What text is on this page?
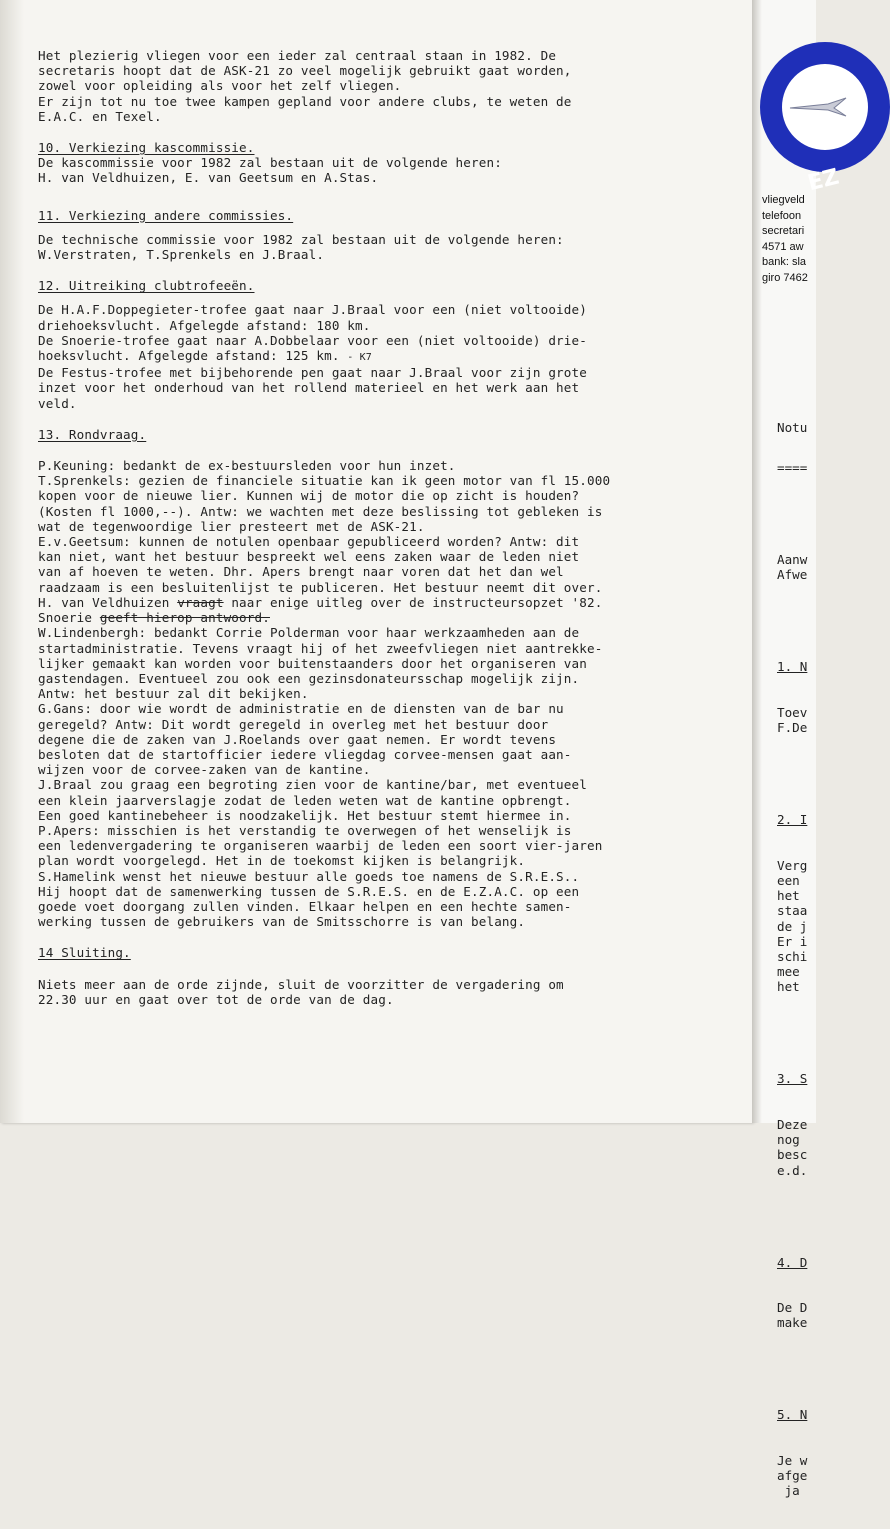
Het plezierig vliegen voor een ieder zal centraal staan in 1982. De
secretaris hoopt dat de ASK-21 zo veel mogelijk gebruikt gaat worden,
zowel voor opleiding als voor het zelf vliegen.
Er zijn tot nu toe twee kampen gepland voor andere clubs, te weten de
E.A.C. en Texel.

10. Verkiezing kascommissie.

De kascommissie voor 1982 zal bestaan uit de volgende heren:
H. van Veldhuizen, E. van Geetsum en A.Stas.

11. Verkiezing andere commissies.

De technische commissie voor 1982 zal bestaan uit de volgende heren:
W.Verstraten, T.Sprenkels en J.Braal.

12. Uitreiking clubtrofeeën.

De H.A.F.Doppegieter-trofee gaat naar J.Braal voor een (niet voltooide)
driehoeksvlucht. Afgelegde afstand: 180 km.
De Snoerie-trofee gaat naar A.Dobbelaar voor een (niet voltooide) drie-
hoeksvlucht. Afgelegde afstand: 125 km. - K7
De Festus-trofee met bijbehorende pen gaat naar J.Braal voor zijn grote
inzet voor het onderhoud van het rollend materieel en het werk aan het
veld.

13. Rondvraag.

P.Keuning: bedankt de ex-bestuursleden voor hun inzet.
T.Sprenkels: gezien de financiele situatie kan ik geen motor van fl 15.000
kopen voor de nieuwe lier. Kunnen wij de motor die op zicht is houden?
(Kosten fl 1000,--). Antw: we wachten met deze beslissing tot gebleken is
wat de tegenwoordige lier presteert met de ASK-21.
E.v.Geetsum: kunnen de notulen openbaar gepubliceerd worden? Antw: dit
kan niet, want het bestuur bespreekt wel eens zaken waar de leden niet
van af hoeven te weten. Dhr. Apers brengt naar voren dat het dan wel
raadzaam is een besluitenlijst te publiceren. Het bestuur neemt dit over.
H. van Veldhuizen vraagt naar enige uitleg over de instructeursopzet '82.
Snoerie geeft hierop antwoord.
W.Lindenbergh: bedankt Corrie Polderman voor haar werkzaamheden aan de
startadministratie. Tevens vraagt hij of het zweefvliegen niet aantrekke-
lijker gemaakt kan worden voor buitenstaanders door het organiseren van
gastendagen. Eventueel zou ook een gezinsdonateursschap mogelijk zijn.
Antw: het bestuur zal dit bekijken.
G.Gans: door wie wordt de administratie en de diensten van de bar nu
geregeld? Antw: Dit wordt geregeld in overleg met het bestuur door
degene die de zaken van J.Roelands over gaat nemen. Er wordt tevens
besloten dat de startofficier iedere vliegdag corvee-mensen gaat aan-
wijzen voor de corvee-zaken van de kantine.
J.Braal zou graag een begroting zien voor de kantine/bar, met eventueel
een klein jaarverslagje zodat de leden weten wat de kantine opbrengt.
Een goed kantinebeheer is noodzakelijk. Het bestuur stemt hiermee in.
P.Apers: misschien is het verstandig te overwegen of het wenselijk is
een ledenvergadering te organiseren waarbij de leden een soort vier-jaren
plan wordt voorgelegd. Het in de toekomst kijken is belangrijk.
S.Hamelink wenst het nieuwe bestuur alle goeds toe namens de S.R.E.S..
Hij hoopt dat de samenwerking tussen de S.R.E.S. en de E.Z.A.C. op een
goede voet doorgang zullen vinden. Elkaar helpen en een hechte samen-
werking tussen de gebruikers van de Smitsschorre is van belang.

14 Sluiting.

Niets meer aan de orde zijnde, sluit de voorzitter de vergadering om
22.30 uur en gaat over tot de orde van de dag.

EZ
vliegveld
telefoon
secretari
4571 aw
bank: sla
giro 7462

Notu

====

Aanw
Afwe

1. N

Toev
F.De

2. I

Verg
een
het
staa
de j
Er i
schi
mee
het

3. S

Deze
nog
besc
e.d.

4. D

De D
make

5. N

Je w
afge
ja
